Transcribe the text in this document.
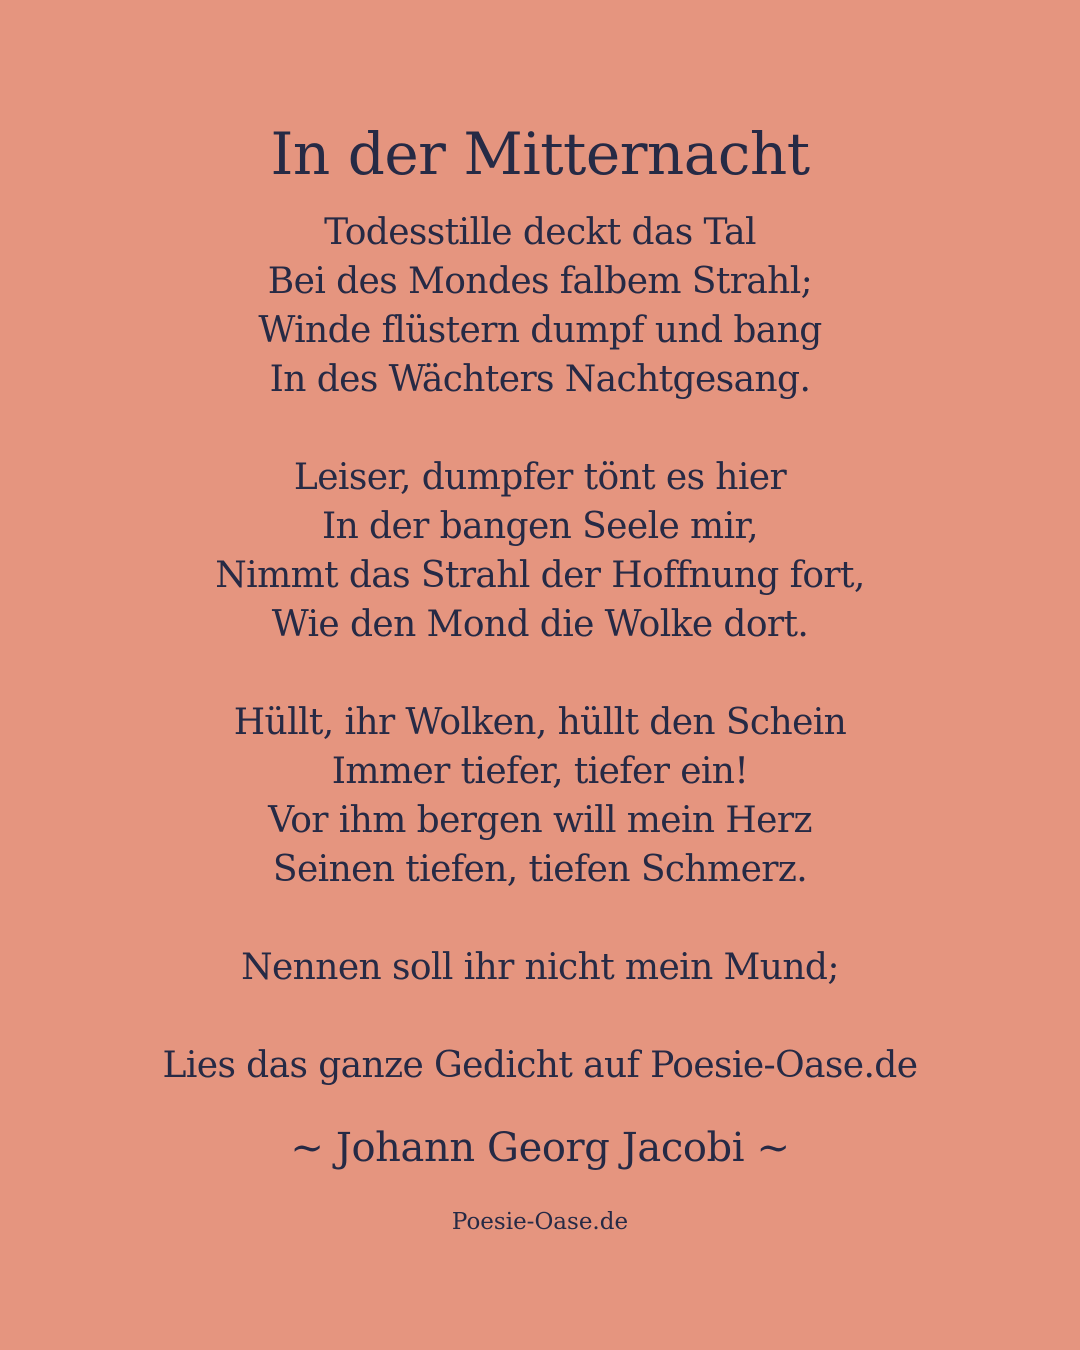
In der Mitternacht
Todesstille deckt das Tal
Bei des Mondes falbem Strahl;
Winde flüstern dumpf und bang
In des Wächters Nachtgesang.
Leiser, dumpfer tönt es hier
In der bangen Seele mir,
Nimmt das Strahl der Hoffnung fort,
Wie den Mond die Wolke dort.
Hüllt, ihr Wolken, hüllt den Schein
Immer tiefer, tiefer ein!
Vor ihm bergen will mein Herz
Seinen tiefen, tiefen Schmerz.
Nennen soll ihr nicht mein Mund;
Lies das ganze Gedicht auf Poesie-Oase.de
~ Johann Georg Jacobi ~
Poesie-Oase.de
